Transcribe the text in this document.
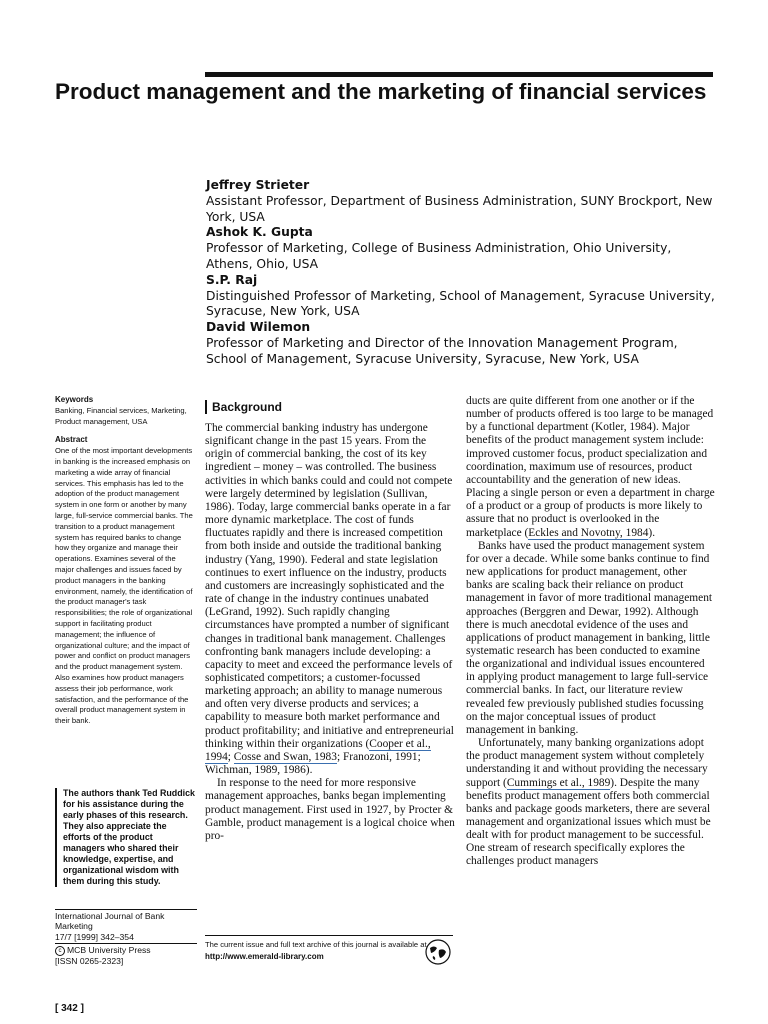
Product management and the marketing of financial services
Jeffrey Strieter
Assistant Professor, Department of Business Administration, SUNY Brockport, New York, USA
Ashok K. Gupta
Professor of Marketing, College of Business Administration, Ohio University, Athens, Ohio, USA
S.P. Raj
Distinguished Professor of Marketing, School of Management, Syracuse University, Syracuse, New York, USA
David Wilemon
Professor of Marketing and Director of the Innovation Management Program, School of Management, Syracuse University, Syracuse, New York, USA
Keywords
Banking, Financial services, Marketing, Product management, USA
Abstract
One of the most important developments in banking is the increased emphasis on marketing a wide array of financial services. This emphasis has led to the adoption of the product management system in one form or another by many large, full-service commercial banks. The transition to a product management system has required banks to change how they organize and manage their operations. Examines several of the major challenges and issues faced by product managers in the banking environment, namely, the identification of the product manager's task responsibilities; the role of organizational support in facilitating product management; the influence of organizational culture; and the impact of power and conflict on product managers and the product management system. Also examines how product managers assess their job performance, work satisfaction, and the performance of the overall product management system in their bank.
The authors thank Ted Ruddick for his assistance during the early phases of this research. They also appreciate the efforts of the product managers who shared their knowledge, expertise, and organizational wisdom with them during this study.
International Journal of Bank Marketing
17/7 [1999] 342–354
c MCB University Press
[ISSN 0265-2323]
[ 342 ]
Background

The commercial banking industry has undergone significant change in the past 15 years. From the origin of commercial banking, the cost of its key ingredient – money – was controlled. The business activities in which banks could and could not compete were largely determined by legislation (Sullivan, 1986). Today, large commercial banks operate in a far more dynamic marketplace. The cost of funds fluctuates rapidly and there is increased competition from both inside and outside the traditional banking industry (Yang, 1990). Federal and state legislation continues to exert influence on the industry, products and customers are increasingly sophisticated and the rate of change in the industry continues unabated (LeGrand, 1992). Such rapidly changing circumstances have prompted a number of significant changes in traditional bank management. Challenges confronting bank managers include developing: a capacity to meet and exceed the performance levels of sophisticated competitors; a customer-focussed marketing approach; an ability to manage numerous and often very diverse products and services; a capability to measure both market performance and product profitability; and initiative and entrepreneurial thinking within their organizations (Cooper et al., 1994; Cosse and Swan, 1983; Franozoni, 1991; Wichman, 1989, 1986).

In response to the need for more responsive management approaches, banks began implementing product management. First used in 1927, by Procter & Gamble, product management is a logical choice when pro-

ducts are quite different from one another or if the number of products offered is too large to be managed by a functional department (Kotler, 1984). Major benefits of the product management system include: improved customer focus, product specialization and coordination, maximum use of resources, product accountability and the generation of new ideas. Placing a single person or even a department in charge of a product or a group of products is more likely to assure that no product is overlooked in the marketplace (Eckles and Novotny, 1984).

Banks have used the product management system for over a decade. While some banks continue to find new applications for product management, other banks are scaling back their reliance on product management in favor of more traditional management approaches (Berggren and Dewar, 1992). Although there is much anecdotal evidence of the uses and applications of product management in banking, little systematic research has been conducted to examine the organizational and individual issues encountered in applying product management to large full-service commercial banks. In fact, our literature review revealed few previously published studies focussing on the major conceptual issues of product management in banking.

Unfortunately, many banking organizations adopt the product management system without completely understanding it and without providing the necessary support (Cummings et al., 1989). Despite the many benefits product management offers both commercial banks and package goods marketers, there are several management and organizational issues which must be dealt with for product management to be successful. One stream of research specifically explores the challenges product managers

The current issue and full text archive of this journal is available at
http://www.emerald-library.com
